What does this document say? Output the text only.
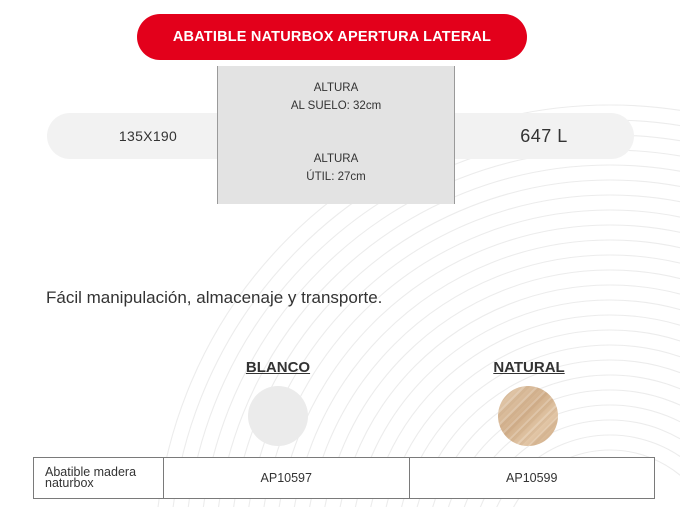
ABATIBLE NATURBOX APERTURA LATERAL
135X190	647 L
ALTURA
AL SUELO: 32cm
ALTURA
ÚTIL: 27cm
Fácil manipulación, almacenaje y transporte.
BLANCO	NATURAL
Abatible madera naturbox	AP10597	AP10599
